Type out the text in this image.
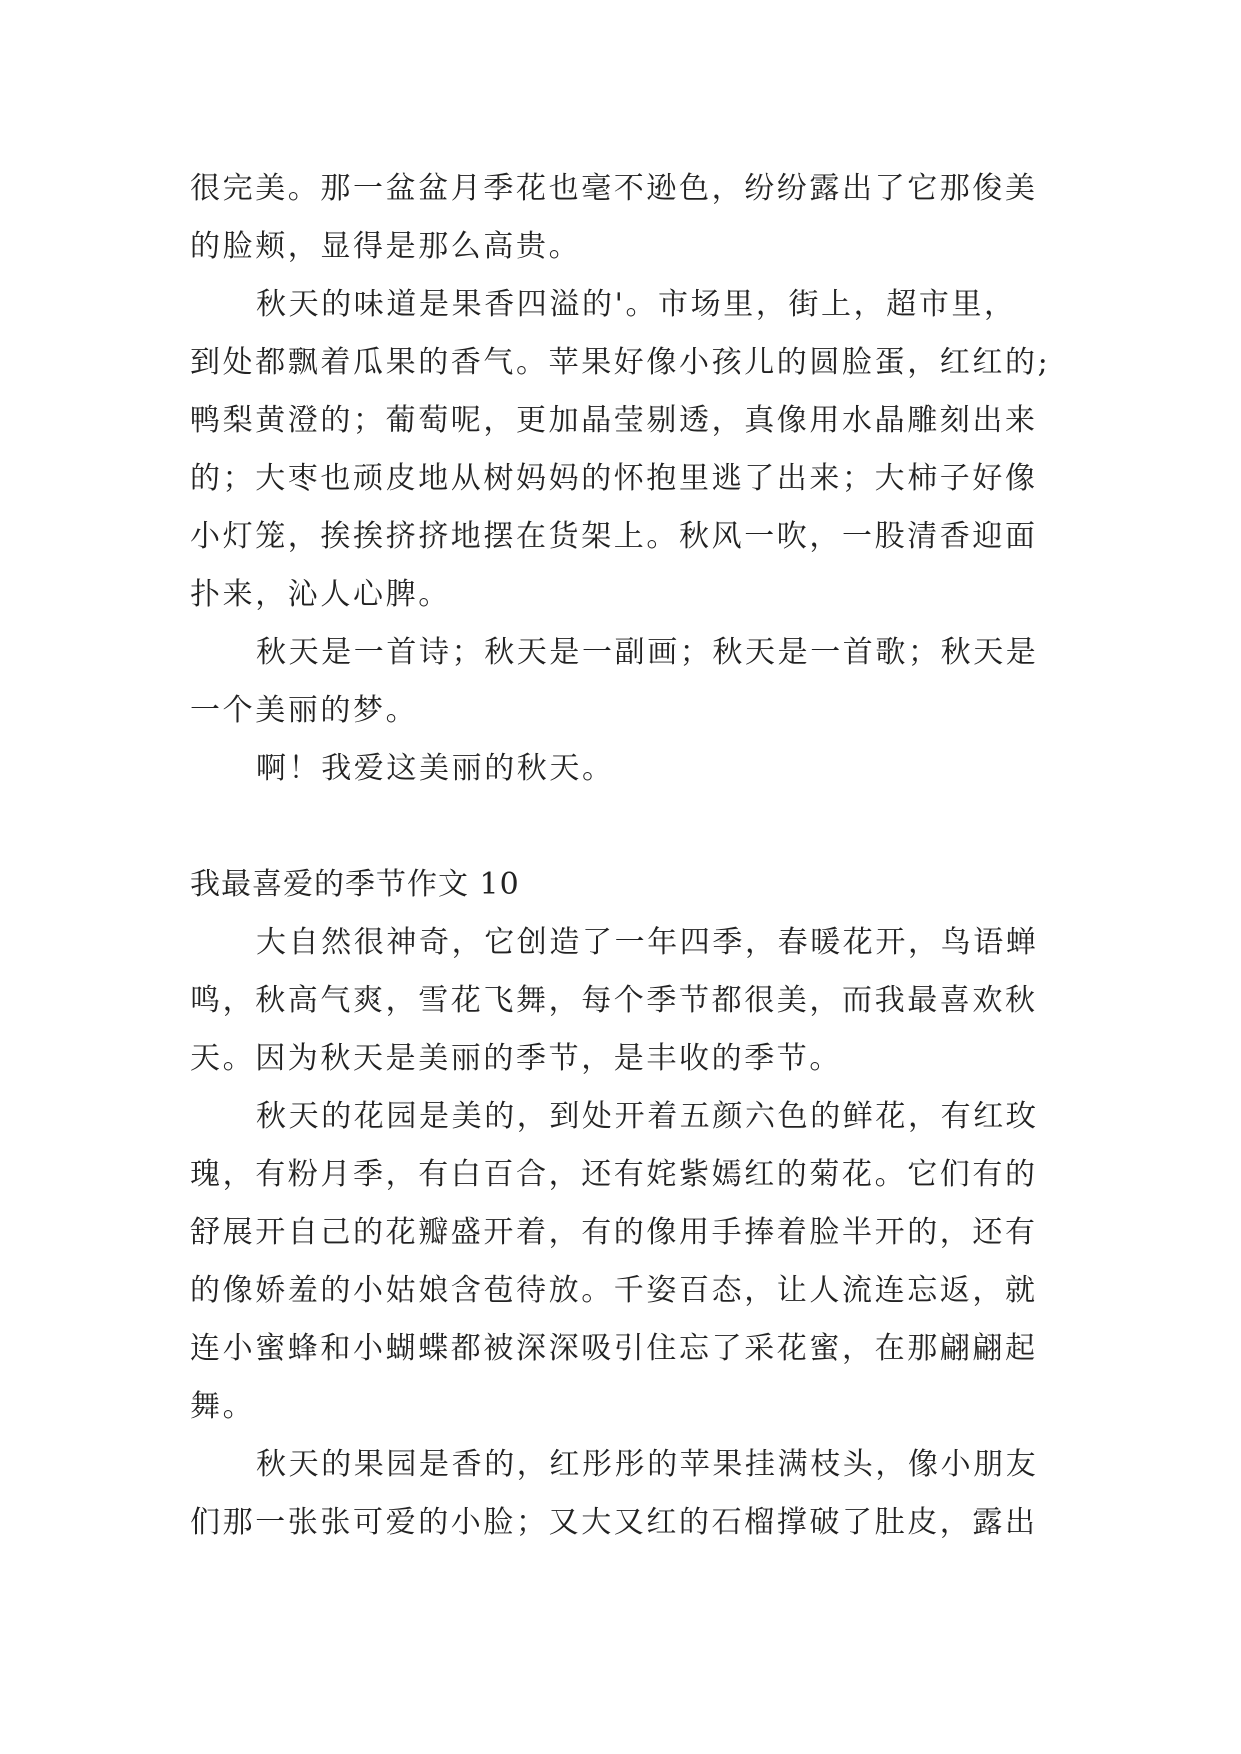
很完美。那一盆盆月季花也毫不逊色，纷纷露出了它那俊美
的脸颊，显得是那么高贵。
秋天的味道是果香四溢的'。市场里，街上，超市里，
到处都飘着瓜果的香气。苹果好像小孩儿的圆脸蛋，红红的;
鸭梨黄澄的；葡萄呢，更加晶莹剔透，真像用水晶雕刻出来
的；大枣也顽皮地从树妈妈的怀抱里逃了出来；大柿子好像
小灯笼，挨挨挤挤地摆在货架上。秋风一吹，一股清香迎面
扑来，沁人心脾。
秋天是一首诗；秋天是一副画；秋天是一首歌；秋天是
一个美丽的梦。
啊！我爱这美丽的秋天。
我最喜爱的季节作文 10
大自然很神奇，它创造了一年四季，春暖花开，鸟语蝉
鸣，秋高气爽，雪花飞舞，每个季节都很美，而我最喜欢秋
天。因为秋天是美丽的季节，是丰收的季节。
秋天的花园是美的，到处开着五颜六色的鲜花，有红玫
瑰，有粉月季，有白百合，还有姹紫嫣红的菊花。它们有的
舒展开自己的花瓣盛开着，有的像用手捧着脸半开的，还有
的像娇羞的小姑娘含苞待放。千姿百态，让人流连忘返，就
连小蜜蜂和小蝴蝶都被深深吸引住忘了采花蜜，在那翩翩起
舞。
秋天的果园是香的，红彤彤的苹果挂满枝头，像小朋友
们那一张张可爱的小脸；又大又红的石榴撑破了肚皮，露出
